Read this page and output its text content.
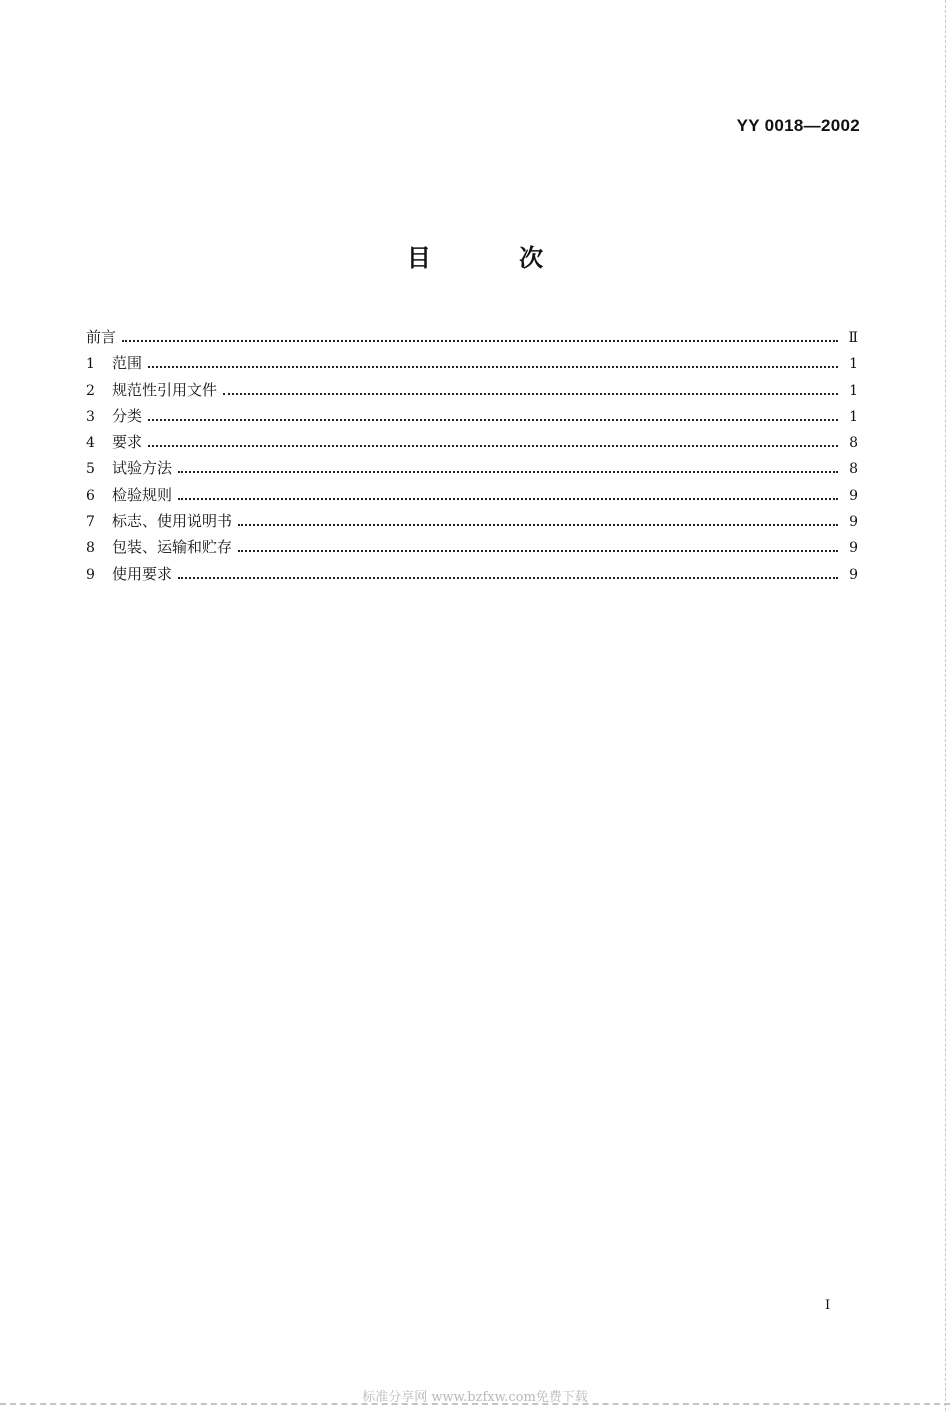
YY 0018—2002
目 次
前言	Ⅱ
1	范围	1
2	规范性引用文件	1
3	分类	1
4	要求	8
5	试验方法	8
6	检验规则	9
7	标志、使用说明书	9
8	包装、运输和贮存	9
9	使用要求	9
I
标准分享网 www.bzfxw.com免费下载
